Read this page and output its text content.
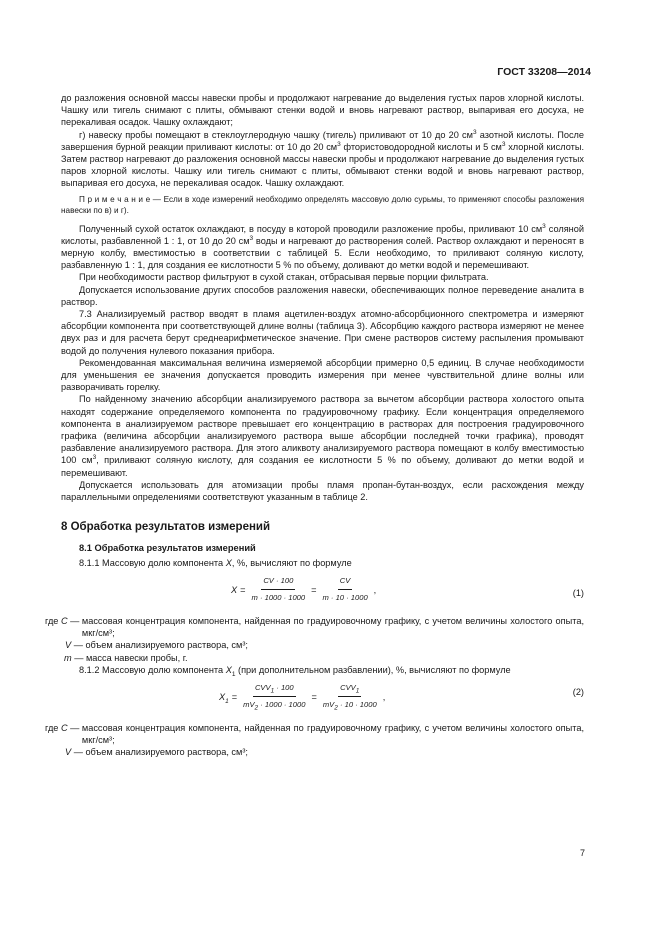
ГОСТ 33208—2014

до разложения основной массы навески пробы и продолжают нагревание до выделения густых паров хлорной кислоты. Чашку или тигель снимают с плиты, обмывают стенки водой и вновь нагревают раствор, выпаривая его досуха, не перекаливая осадок. Чашку охлаждают;

г) навеску пробы помещают в стеклоуглеродную чашку (тигель) приливают от 10 до 20 $см^3$ азотной кислоты. После завершения бурной реакции приливают кислоты: от 10 до 20 $см^3$ фтористоводородной кислоты и 5 $см^3$ хлорной кислоты. Затем раствор нагревают до разложения основной массы навески пробы и продолжают нагревание до выделения густых паров хлорной кислоты. Чашку или тигель снимают с плиты, обмывают стенки водой и вновь нагревают раствор, выпаривая его досуха, не перекаливая осадок. Чашку охлаждают.

П р и м е ч а н и е — Если в ходе измерений необходимо определять массовую долю сурьмы, то применяют способы разложения навески по в) и г).

Полученный сухой остаток охлаждают, в посуду в которой проводили разложение пробы, приливают 10 $см^3$ соляной кислоты, разбавленной 1 : 1, от 10 до 20 $см^3$ воды и нагревают до растворения солей. Раствор охлаждают и переносят в мерную колбу, вместимостью в соответствии с таблицей 5. Если необходимо, то приливают соляную кислоту, разбавленную 1 : 1, для создания ее кислотности 5 % по объему, доливают до метки водой и перемешивают.

При необходимости раствор фильтруют в сухой стакан, отбрасывая первые порции фильтрата.

Допускается использование других способов разложения навески, обеспечивающих полное переведение аналита в раствор.

7.3 Анализируемый раствор вводят в пламя ацетилен-воздух атомно-абсорбционного спектрометра и измеряют абсорбции компонента при соответствующей длине волны (таблица 3). Абсорбцию каждого раствора измеряют не менее двух раз и для расчета берут среднеарифметическое значение. При смене растворов систему распыления промывают водой до получения нулевого показания прибора.

Рекомендованная максимальная величина измеряемой абсорбции примерно 0,5 единиц. В случае необходимости для уменьшения ее значения допускается проводить измерения при менее чувствительной длине волны или разворачивать горелку.

По найденному значению абсорбции анализируемого раствора за вычетом абсорбции раствора холостого опыта находят содержание определяемого компонента по градуировочному графику. Если концентрация определяемого компонента в анализируемом растворе превышает его концентрацию в растворах для построения градуировочного графика (величина абсорбции анализируемого раствора выше абсорбции последней точки графика), проводят разбавление анализируемого раствора. Для этого аликвоту анализируемого раствора помещают в колбу вместимостью 100 $см^3$, приливают соляную кислоту, для создания ее кислотности 5 % по объему, доливают до метки водой и перемешивают.

Допускается использовать для атомизации пробы пламя пропан-бутан-воздух, если расхождения между параллельными определениями соответствуют указанным в таблице 2.

8 Обработка результатов измерений

8.1 Обработка результатов измерений

8.1.1 Массовую долю компонента X, %, вычисляют по формуле

$X = \frac{CV \cdot 100}{m \cdot 1000 \cdot 1000} = \frac{CV}{m \cdot 10 \cdot 1000}$ ,	(1)
где C — массовая концентрация компонента, найденная по градуировочному графику, с учетом величины холостого опыта, мкг/см³;
V — объем анализируемого раствора, см³;
m — масса навески пробы, г.

8.1.2 Массовую долю компонента $X_1$ (при дополнительном разбавлении), %, вычисляют по формуле

$X_1 = \frac{CVV_1 \cdot 100}{mV_2 \cdot 1000 \cdot 1000} = \frac{CVV_1}{mV_2 \cdot 10 \cdot 1000}$ ,	(2)
где C — массовая концентрация компонента, найденная по градуировочному графику, с учетом величины холостого опыта, мкг/см³;
V — объем анализируемого раствора, см³;
7
